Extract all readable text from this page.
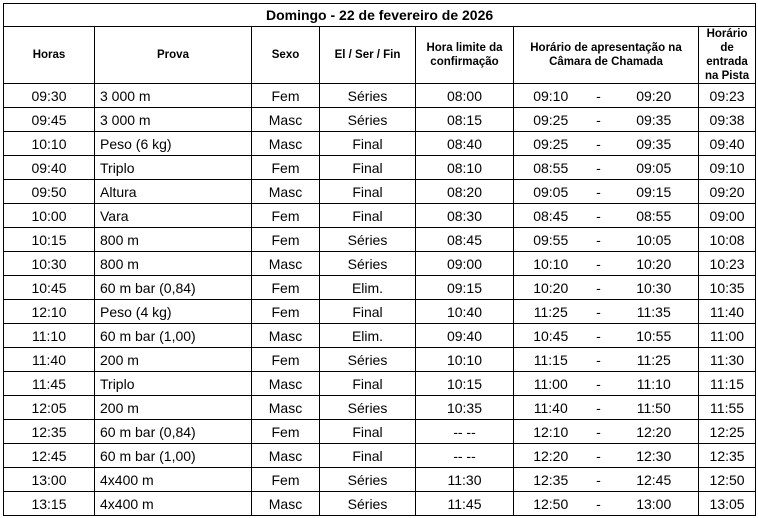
Domingo - 22 de fevereiro de 2026								
Horas	Prova	Sexo	El / Ser / Fin	Hora limite da confirmação	Horário de apresentação na Câmara de Chamada			Horário de entrada na Pista
09:30	3 000 m	Fem	Séries	08:00	09:10	-	09:20	09:23
09:45	3 000 m	Masc	Séries	08:15	09:25	-	09:35	09:38
10:10	Peso (6 kg)	Masc	Final	08:40	09:25	-	09:35	09:40
09:40	Triplo	Fem	Final	08:10	08:55	-	09:05	09:10
09:50	Altura	Masc	Final	08:20	09:05	-	09:15	09:20
10:00	Vara	Fem	Final	08:30	08:45	-	08:55	09:00
10:15	800 m	Fem	Séries	08:45	09:55	-	10:05	10:08
10:30	800 m	Masc	Séries	09:00	10:10	-	10:20	10:23
10:45	60 m bar (0,84)	Fem	Elim.	09:15	10:20	-	10:30	10:35
12:10	Peso (4 kg)	Fem	Final	10:40	11:25	-	11:35	11:40
11:10	60 m bar (1,00)	Masc	Elim.	09:40	10:45	-	10:55	11:00
11:40	200 m	Fem	Séries	10:10	11:15	-	11:25	11:30
11:45	Triplo	Masc	Final	10:15	11:00	-	11:10	11:15
12:05	200 m	Masc	Séries	10:35	11:40	-	11:50	11:55
12:35	60 m bar (0,84)	Fem	Final	-- --	12:10	-	12:20	12:25
12:45	60 m bar (1,00)	Masc	Final	-- --	12:20	-	12:30	12:35
13:00	4x400 m	Fem	Séries	11:30	12:35	-	12:45	12:50
13:15	4x400 m	Masc	Séries	11:45	12:50	-	13:00	13:05
